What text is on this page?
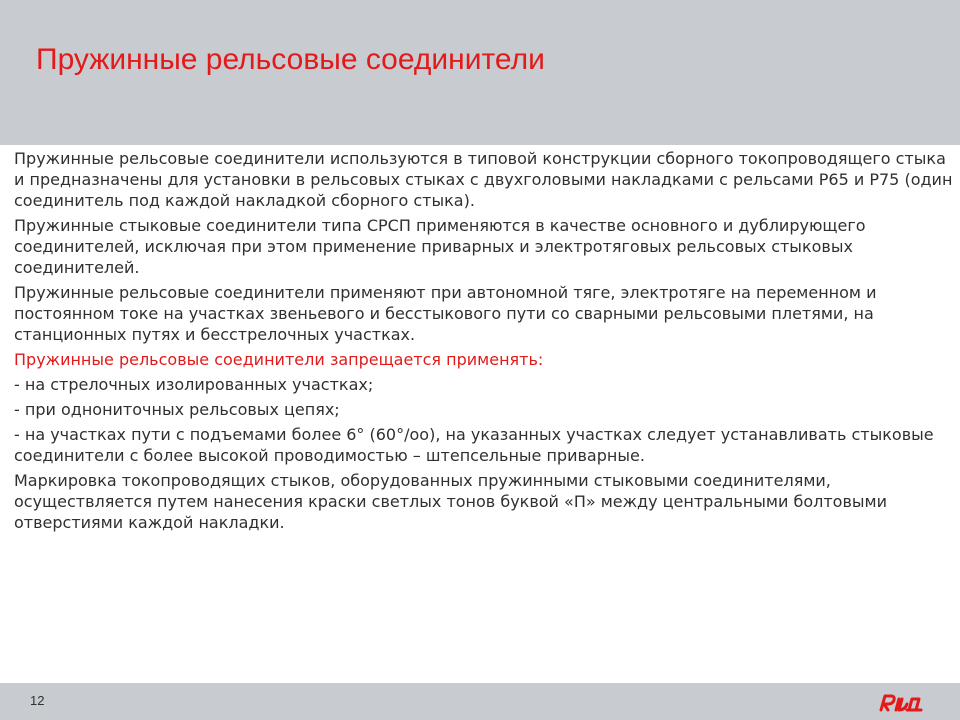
Пружинные рельсовые соединители

Пружинные рельсовые соединители используются в типовой конструкции сборного токопроводящего стыка и предназначены для установки в рельсовых стыках с двухголовыми накладками с рельсами Р65 и Р75 (один соединитель под каждой накладкой сборного стыка).

Пружинные стыковые соединители типа СРСП применяются в качестве основного и дублирующего соединителей, исключая при этом применение приварных и электротяговых рельсовых стыковых соединителей.

Пружинные рельсовые соединители применяют при автономной тяге, электротяге на переменном и постоянном токе на участках звеньевого и бесстыкового пути со сварными рельсовыми плетями, на станционных путях и бесстрелочных участках.

Пружинные рельсовые соединители запрещается применять:

- на стрелочных изолированных участках;

- при однониточных рельсовых цепях;

- на участках пути с подъемами более 6° (60°/оо), на указанных участках следует устанавливать стыковые соединители с более высокой проводимостью – штепсельные приварные.

Маркировка токопроводящих стыков, оборудованных пружинными стыковыми соединителями, осуществляется путем нанесения краски светлых тонов буквой «П» между центральными болтовыми отверстиями каждой накладки.

12
